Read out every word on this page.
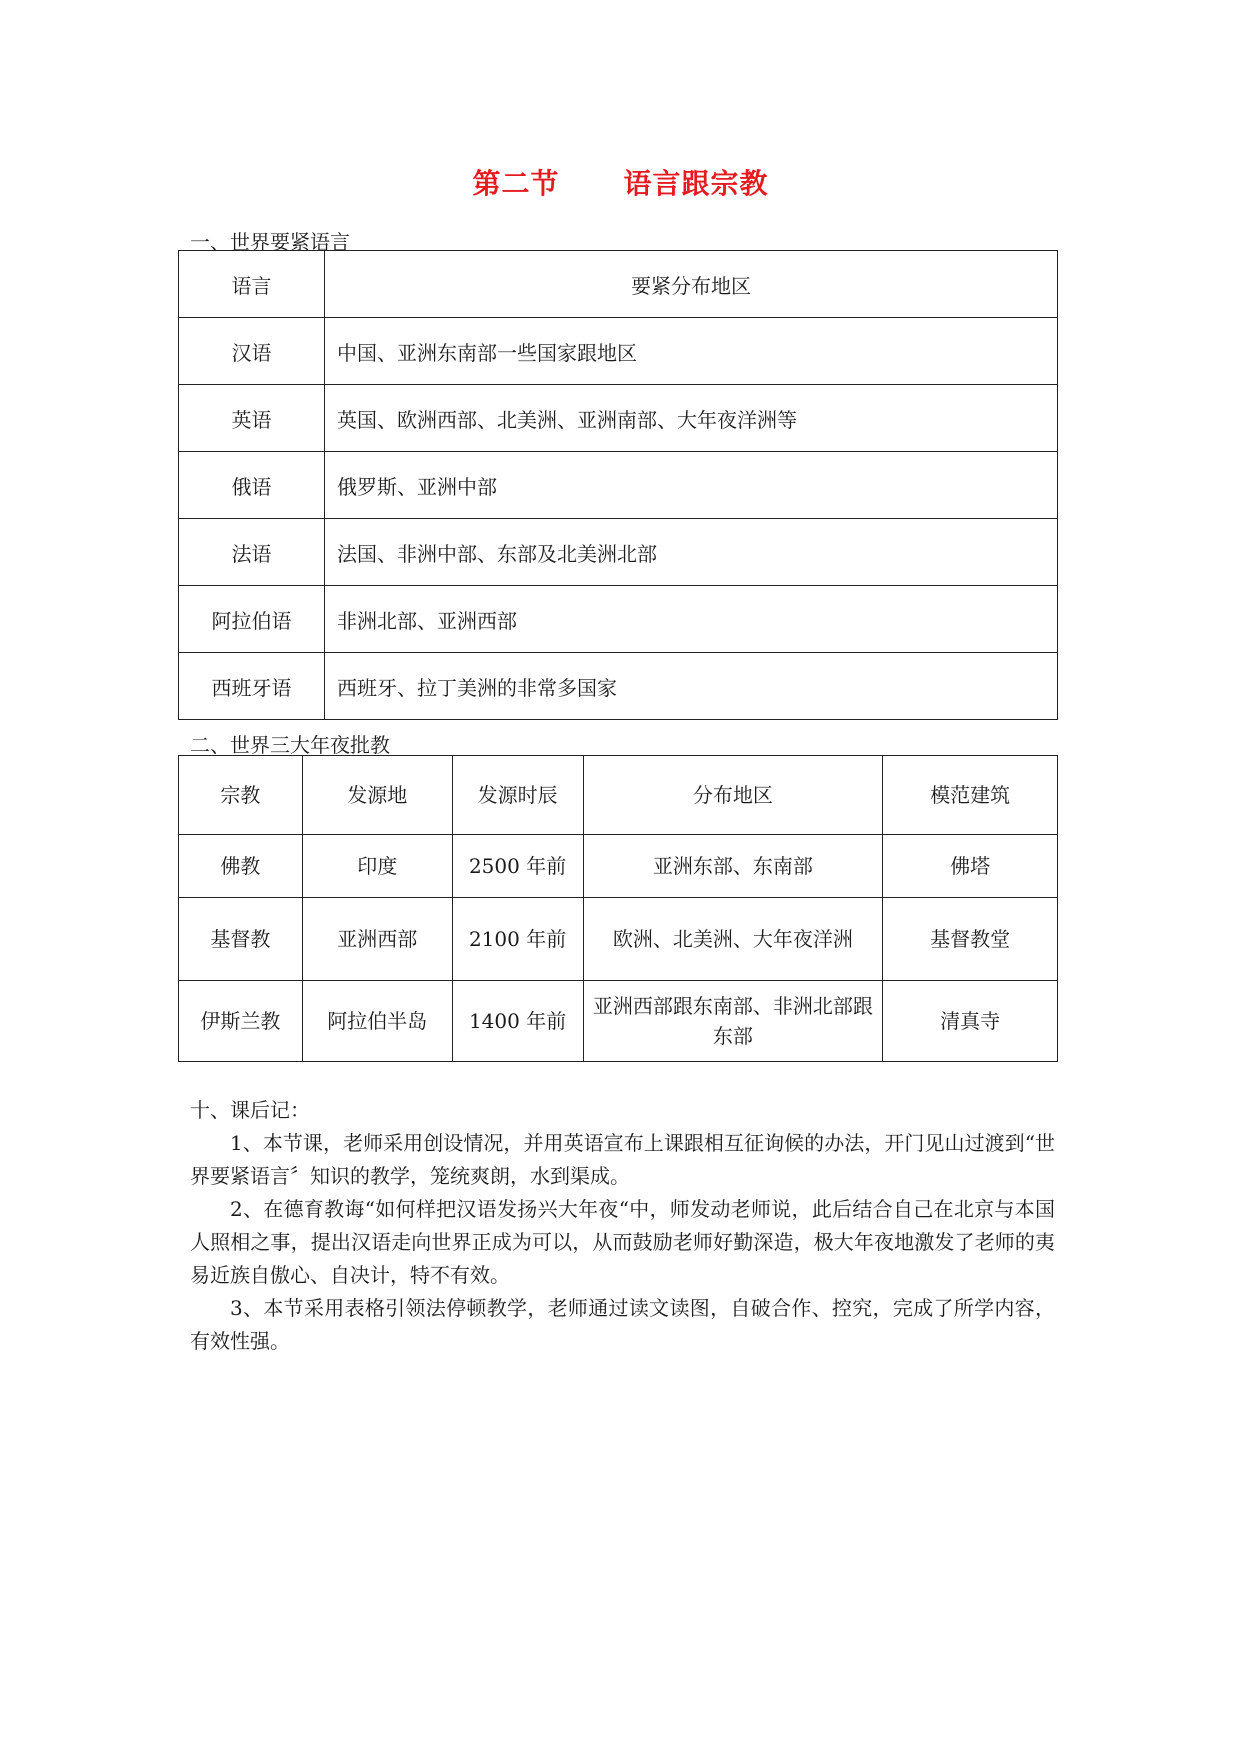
第二节 语言跟宗教
一、世界要紧语言
语言	要紧分布地区
汉语	中国、亚洲东南部一些国家跟地区
英语	英国、欧洲西部、北美洲、亚洲南部、大年夜洋洲等
俄语	俄罗斯、亚洲中部
法语	法国、非洲中部、东部及北美洲北部
阿拉伯语	非洲北部、亚洲西部
西班牙语	西班牙、拉丁美洲的非常多国家
二、世界三大年夜批教
宗教	发源地	发源时辰	分布地区	模范建筑
佛教	印度	2500 年前	亚洲东部、东南部	佛塔
基督教	亚洲西部	2100 年前	欧洲、北美洲、大年夜洋洲	基督教堂
伊斯兰教	阿拉伯半岛	1400 年前	亚洲西部跟东南部、非洲北部跟东部	清真寺
十、课后记：

1、本节课，老师采用创设情况，并用英语宣布上课跟相互征询候的办法，开门见山过渡到“世界要紧语言〞知识的教学，笼统爽朗，水到渠成。

2、在德育教诲“如何样把汉语发扬兴大年夜“中，师发动老师说，此后结合自己在北京与本国人照相之事，提出汉语走向世界正成为可以，从而鼓励老师好勤深造，极大年夜地激发了老师的夷易近族自傲心、自决计，特不有效。

3、本节采用表格引领法停顿教学，老师通过读文读图，自破合作、控究，完成了所学内容，有效性强。
